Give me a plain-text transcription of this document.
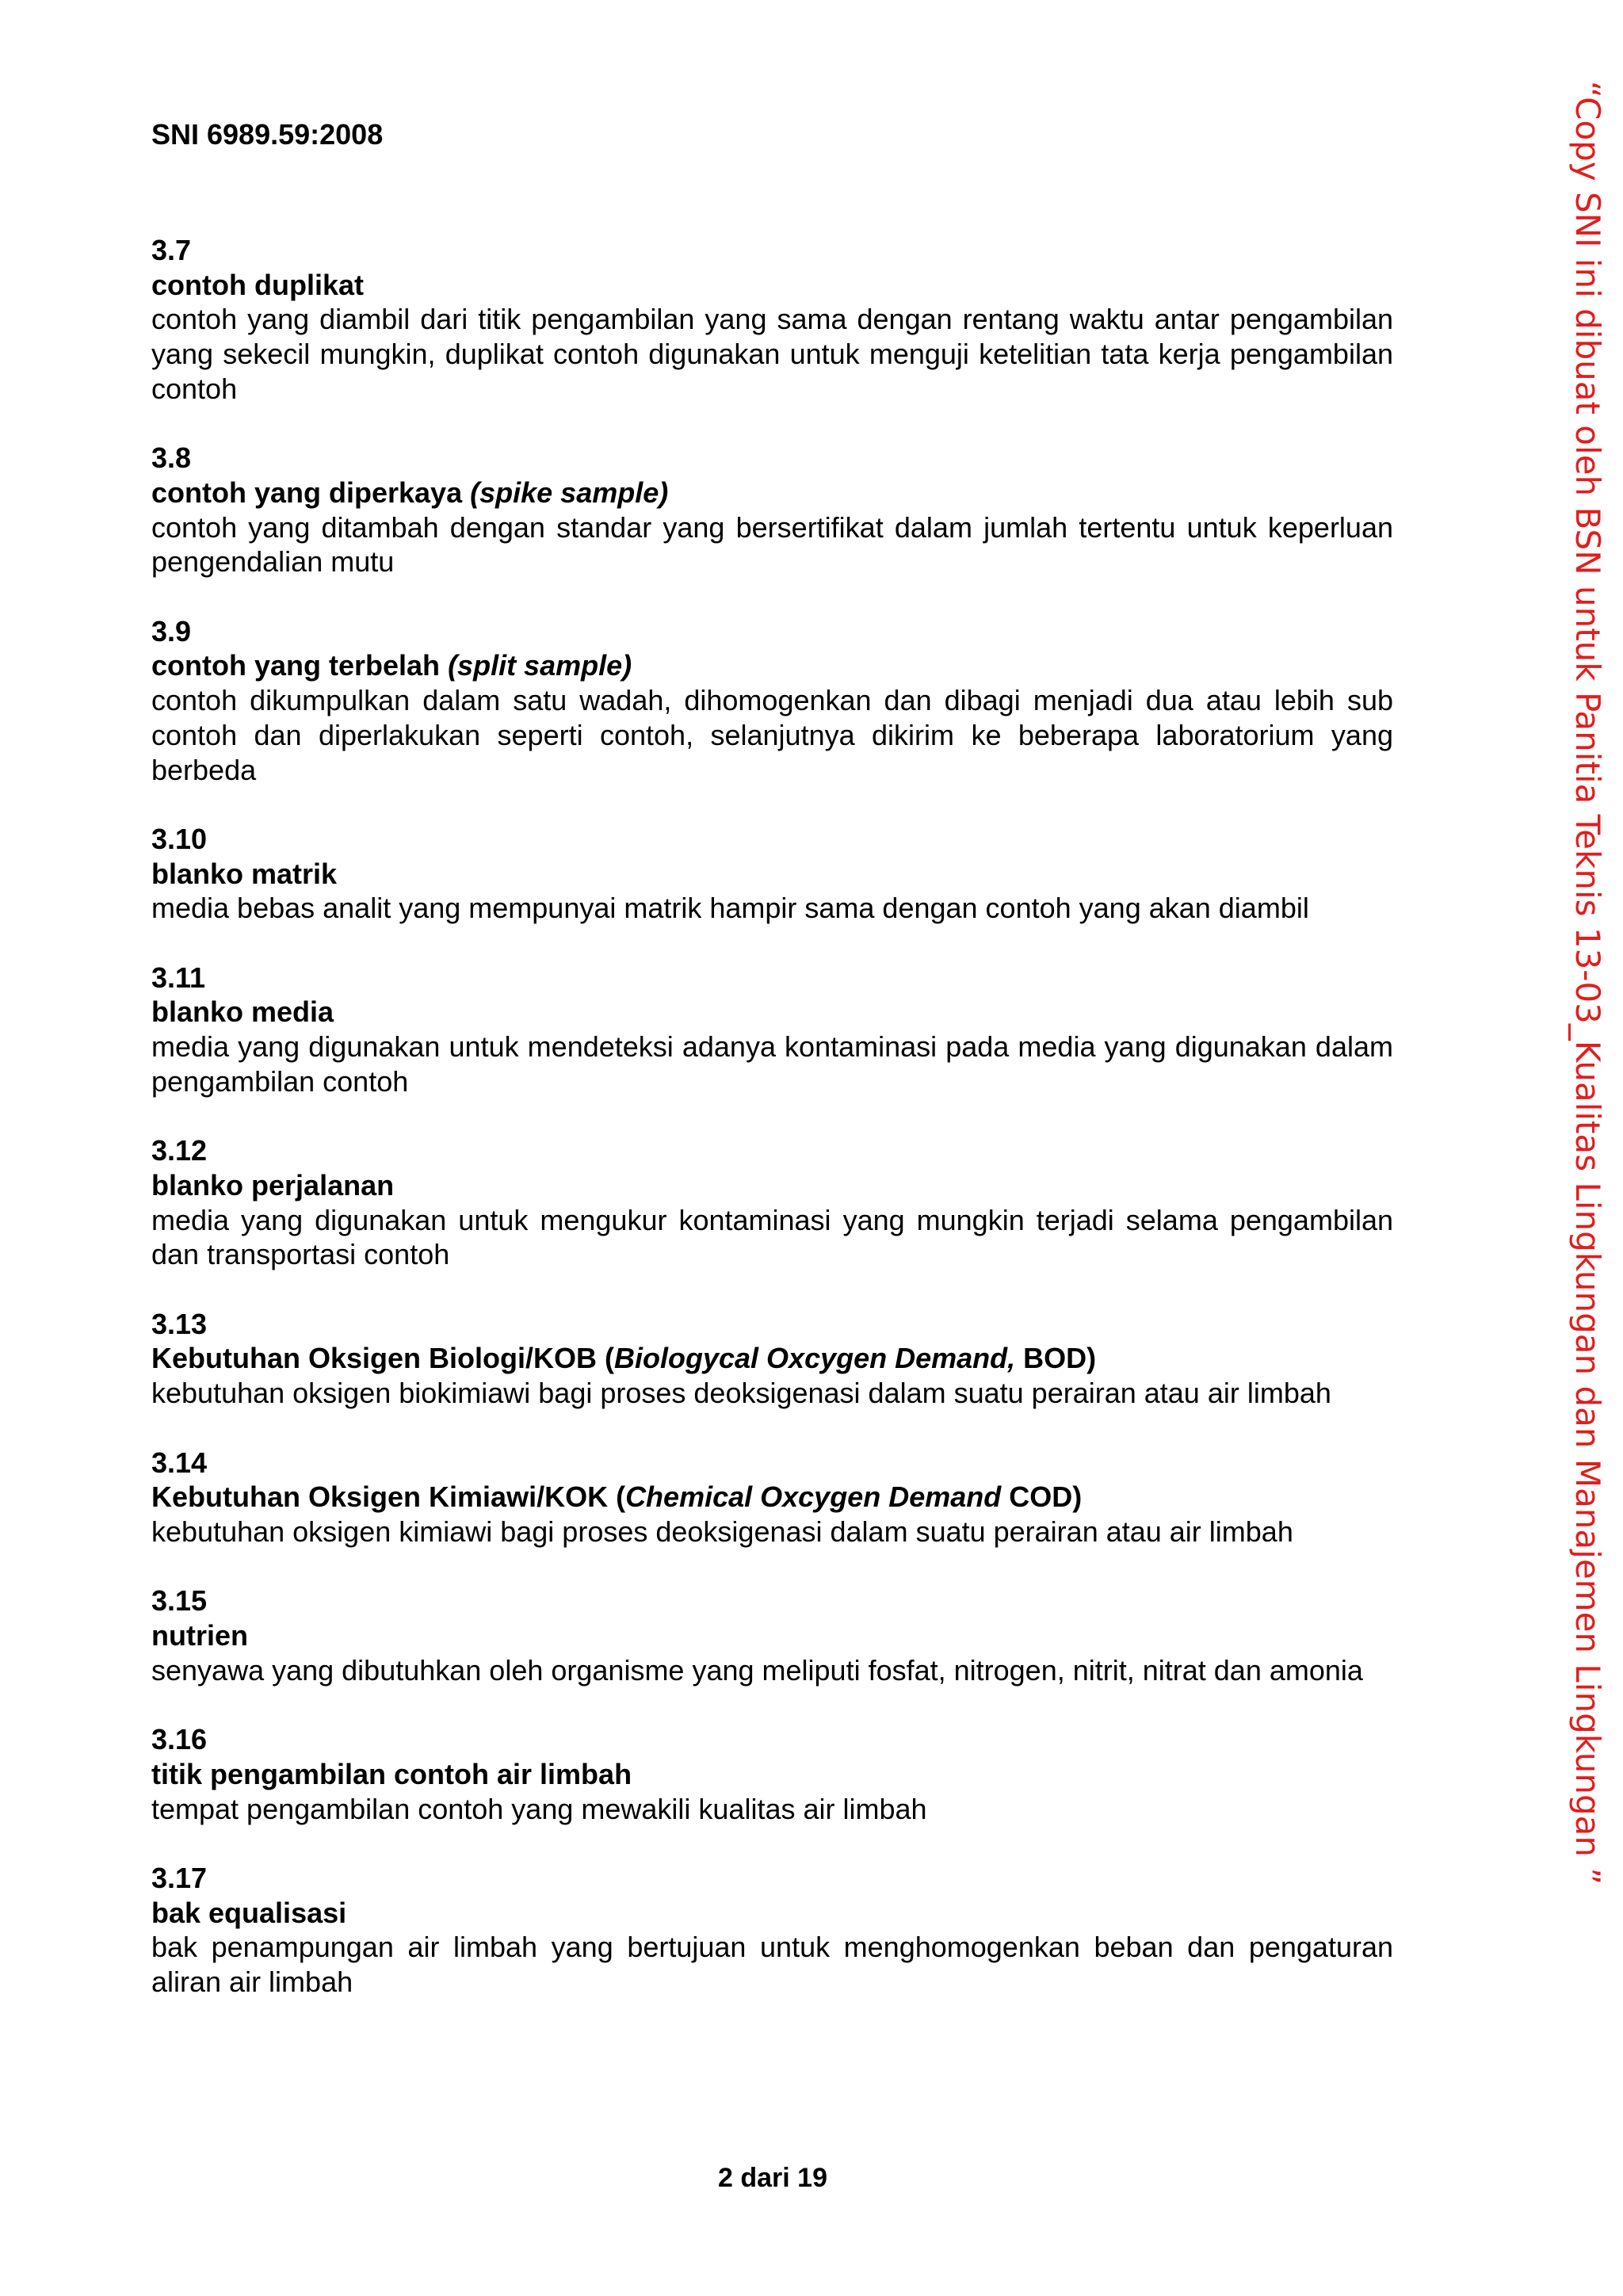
SNI 6989.59:2008
3.7
contoh duplikat
contoh yang diambil dari titik pengambilan yang sama dengan rentang waktu antar pengambilan yang sekecil mungkin, duplikat contoh digunakan untuk menguji ketelitian tata kerja pengambilan contoh
3.8
contoh yang diperkaya (spike sample)
contoh yang ditambah dengan standar yang bersertifikat dalam jumlah tertentu untuk keperluan pengendalian mutu
3.9
contoh yang terbelah (split sample)
contoh dikumpulkan dalam satu wadah, dihomogenkan dan dibagi menjadi dua atau lebih sub contoh dan diperlakukan seperti contoh, selanjutnya dikirim ke beberapa laboratorium yang berbeda
3.10
blanko matrik
media bebas analit yang mempunyai matrik hampir sama dengan contoh yang akan diambil
3.11
blanko media
media yang digunakan untuk mendeteksi adanya kontaminasi pada media yang digunakan dalam pengambilan contoh
3.12
blanko perjalanan
media yang digunakan untuk mengukur kontaminasi yang mungkin terjadi selama pengambilan dan transportasi contoh
3.13
Kebutuhan Oksigen Biologi/KOB (Biologycal Oxcygen Demand, BOD)
kebutuhan oksigen biokimiawi bagi proses deoksigenasi dalam suatu perairan atau air limbah
3.14
Kebutuhan Oksigen Kimiawi/KOK (Chemical Oxcygen Demand COD)
kebutuhan oksigen kimiawi bagi proses deoksigenasi dalam suatu perairan atau air limbah
3.15
nutrien
senyawa yang dibutuhkan oleh organisme yang meliputi fosfat, nitrogen, nitrit, nitrat dan amonia
3.16
titik pengambilan contoh air limbah
tempat pengambilan contoh yang mewakili kualitas air limbah
3.17
bak equalisasi
bak penampungan air limbah yang bertujuan untuk menghomogenkan beban dan pengaturan aliran air limbah
2 dari 19
“Copy SNI ini dibuat oleh BSN untuk Panitia Teknis 13-03_Kualitas Lingkungan dan Manajemen Lingkungan ”
